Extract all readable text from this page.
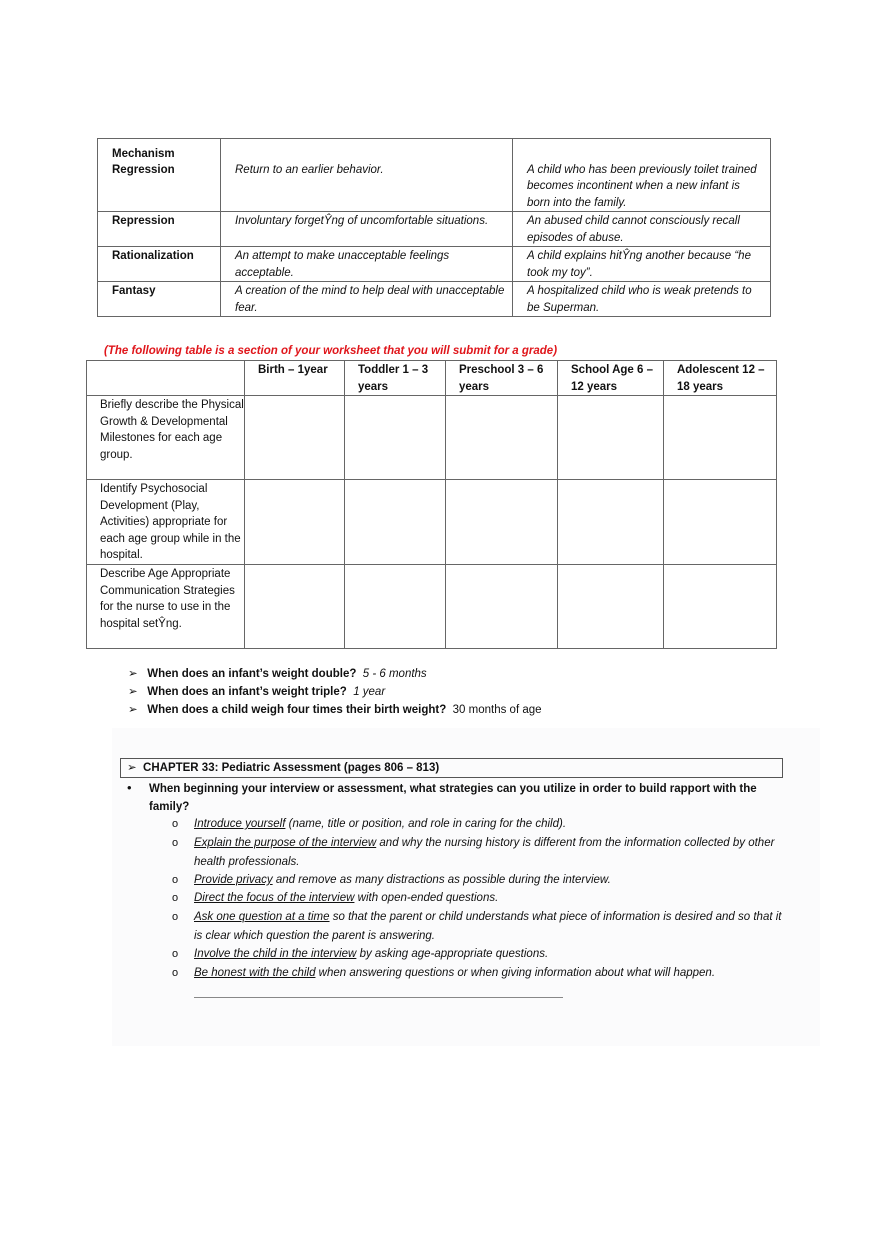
Mechanism		
Regression	Return to an earlier behavior.	A child who has been previously toilet trained becomes incontinent when a new infant is born into the family.
Repression	Involuntary forgetŶng of uncomfortable situations.	An abused child cannot consciously recall episodes of abuse.
Rationalization	An attempt to make unacceptable feelings acceptable.	A child explains hitŶng another because “he took my toy”.
Fantasy	A creation of the mind to help deal with unacceptable fear.	A hospitalized child who is weak pretends to be Superman.
(The following table is a section of your worksheet that you will submit for a grade)
	Birth – 1year	Toddler 1 – 3 years	Preschool 3 – 6 years	School Age 6 – 12 years	Adolescent 12 – 18 years
Briefly describe the Physical Growth & Developmental Milestones for each age group.					
Identify Psychosocial Development (Play, Activities) appropriate for each age group while in the hospital.					
Describe Age Appropriate Communication Strategies for the nurse to use in the hospital setŶng.					
➢ When does an infant’s weight double? 5 - 6 months
➢ When does an infant’s weight triple? 1 year
➢ When does a child weigh four times their birth weight? 30 months of age
➢ CHAPTER 33: Pediatric Assessment (pages 806 – 813)
• When beginning your interview or assessment, what strategies can you utilize in order to build rapport with the family?
o Introduce yourself (name, title or position, and role in caring for the child).
o Explain the purpose of the interview and why the nursing history is different from the information collected by other health professionals.
o Provide privacy and remove as many distractions as possible during the interview.
o Direct the focus of the interview with open-ended questions.
o Ask one question at a time so that the parent or child understands what piece of information is desired and so that it is clear which question the parent is answering.
o Involve the child in the interview by asking age-appropriate questions.
o Be honest with the child when answering questions or when giving information about what will happen.
